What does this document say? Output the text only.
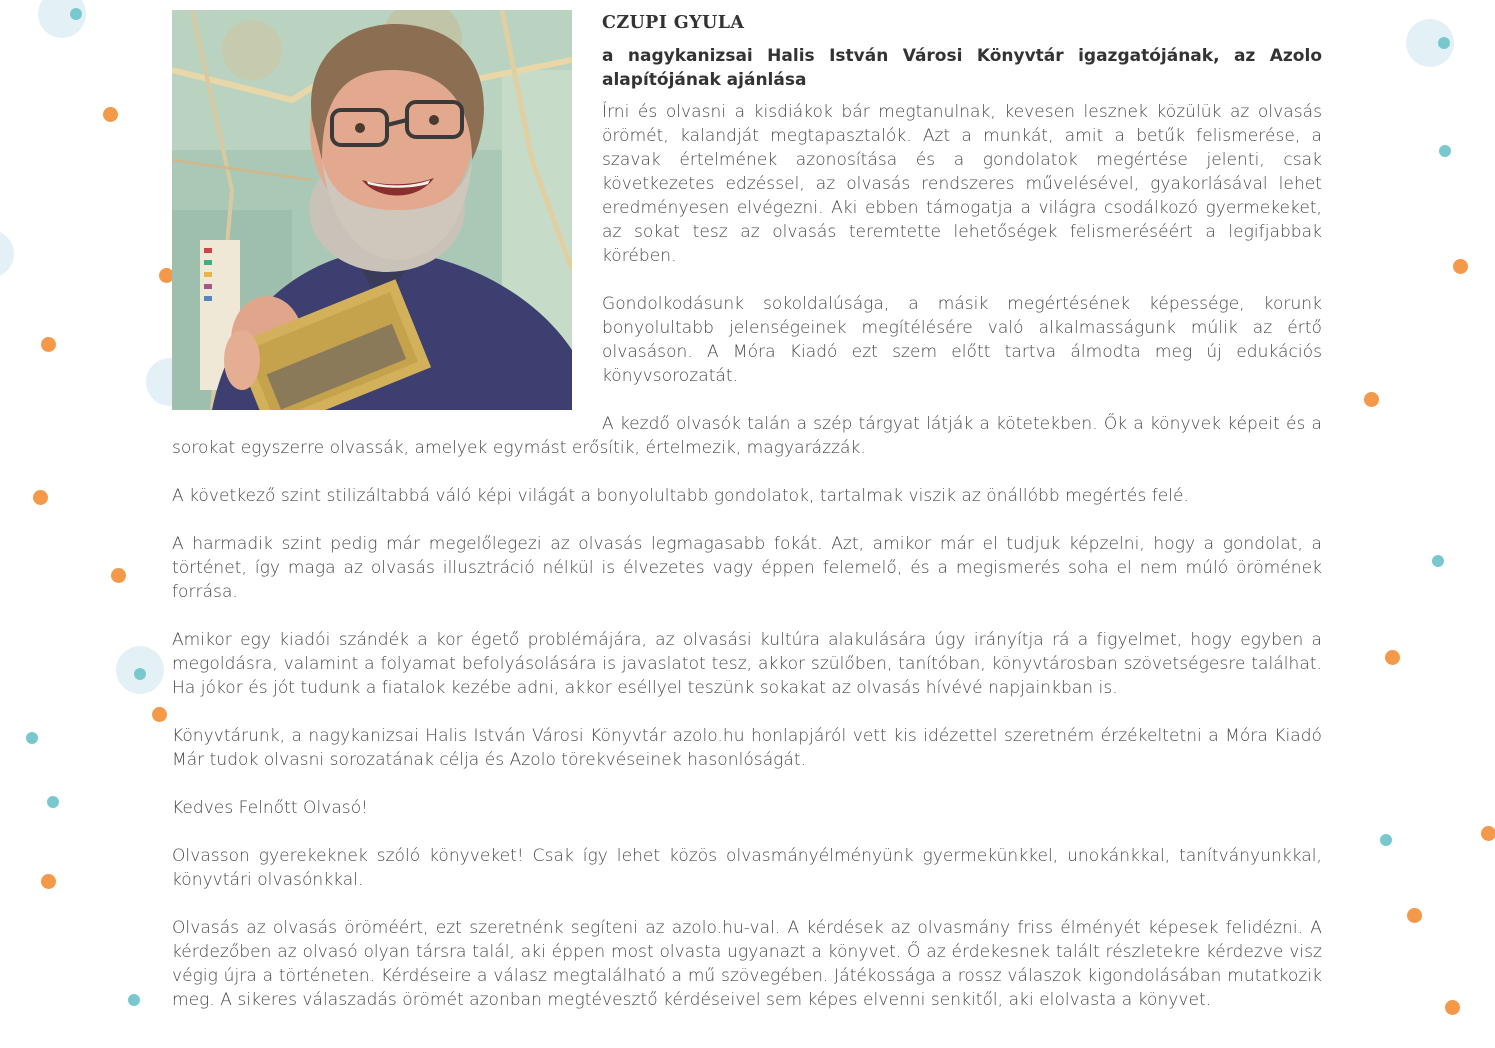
CZUPI GYULA

a nagykanizsai Halis István Városi Könyvtár igazgatójának, az Azolo alapítójának ajánlása

Írni és olvasni a kisdiákok bár megtanulnak, kevesen lesznek közülük az olvasás örömét, kalandját megtapasztalók. Azt a munkát, amit a betűk felismerése, a szavak értelmének azonosítása és a gondolatok megértése jelenti, csak következetes edzéssel, az olvasás rendszeres művelésével, gyakorlásával lehet eredményesen elvégezni. Aki ebben támogatja a világra csodálkozó gyermekeket, az sokat tesz az olvasás teremtette lehetőségek felismeréséért a legifjabbak körében.

Gondolkodásunk sokoldalúsága, a másik megértésének képessége, korunk bonyolultabb jelenségeinek megítélésére való alkalmasságunk múlik az értő olvasáson. A Móra Kiadó ezt szem előtt tartva álmodta meg új edukációs könyvsorozatát.

A kezdő olvasók talán a szép tárgyat látják a kötetekben. Ők a könyvek képeit és a sorokat egyszerre olvassák, amelyek egymást erősítik, értelmezik, magyarázzák.

A következő szint stilizáltabbá váló képi világát a bonyolultabb gondolatok, tartalmak viszik az önállóbb megértés felé.

A harmadik szint pedig már megelőlegezi az olvasás legmagasabb fokát. Azt, amikor már el tudjuk képzelni, hogy a gondolat, a történet, így maga az olvasás illusztráció nélkül is élvezetes vagy éppen felemelő, és a megismerés soha el nem múló örömének forrása.

Amikor egy kiadói szándék a kor égető problémájára, az olvasási kultúra alakulására úgy irányítja rá a figyelmet, hogy egyben a megoldásra, valamint a folyamat befolyásolására is javaslatot tesz, akkor szülőben, tanítóban, könyvtárosban szövetségesre találhat. Ha jókor és jót tudunk a fiatalok kezébe adni, akkor eséllyel teszünk sokakat az olvasás hívévé napjainkban is.

Könyvtárunk, a nagykanizsai Halis István Városi Könyvtár azolo.hu honlapjáról vett kis idézettel szeretném érzékeltetni a Móra Kiadó Már tudok olvasni sorozatának célja és Azolo törekvéseinek hasonlóságát.

Kedves Felnőtt Olvasó!

Olvasson gyerekeknek szóló könyveket! Csak így lehet közös olvasmányélményünk gyermekünkkel, unokánkkal, tanítványunkkal, könyvtári olvasónkkal.

Olvasás az olvasás öröméért, ezt szeretnénk segíteni az azolo.hu-val. A kérdések az olvasmány friss élményét képesek felidézni. A kérdezőben az olvasó olyan társra talál, aki éppen most olvasta ugyanazt a könyvet. Ő az érdekesnek talált részletekre kérdezve visz végig újra a történeten. Kérdéseire a válasz megtalálható a mű szövegében. Játékossága a rossz válaszok kigondolásában mutatkozik meg. A sikeres válaszadás örömét azonban megtévesztő kérdéseivel sem képes elvenni senkitől, aki elolvasta a könyvet.
